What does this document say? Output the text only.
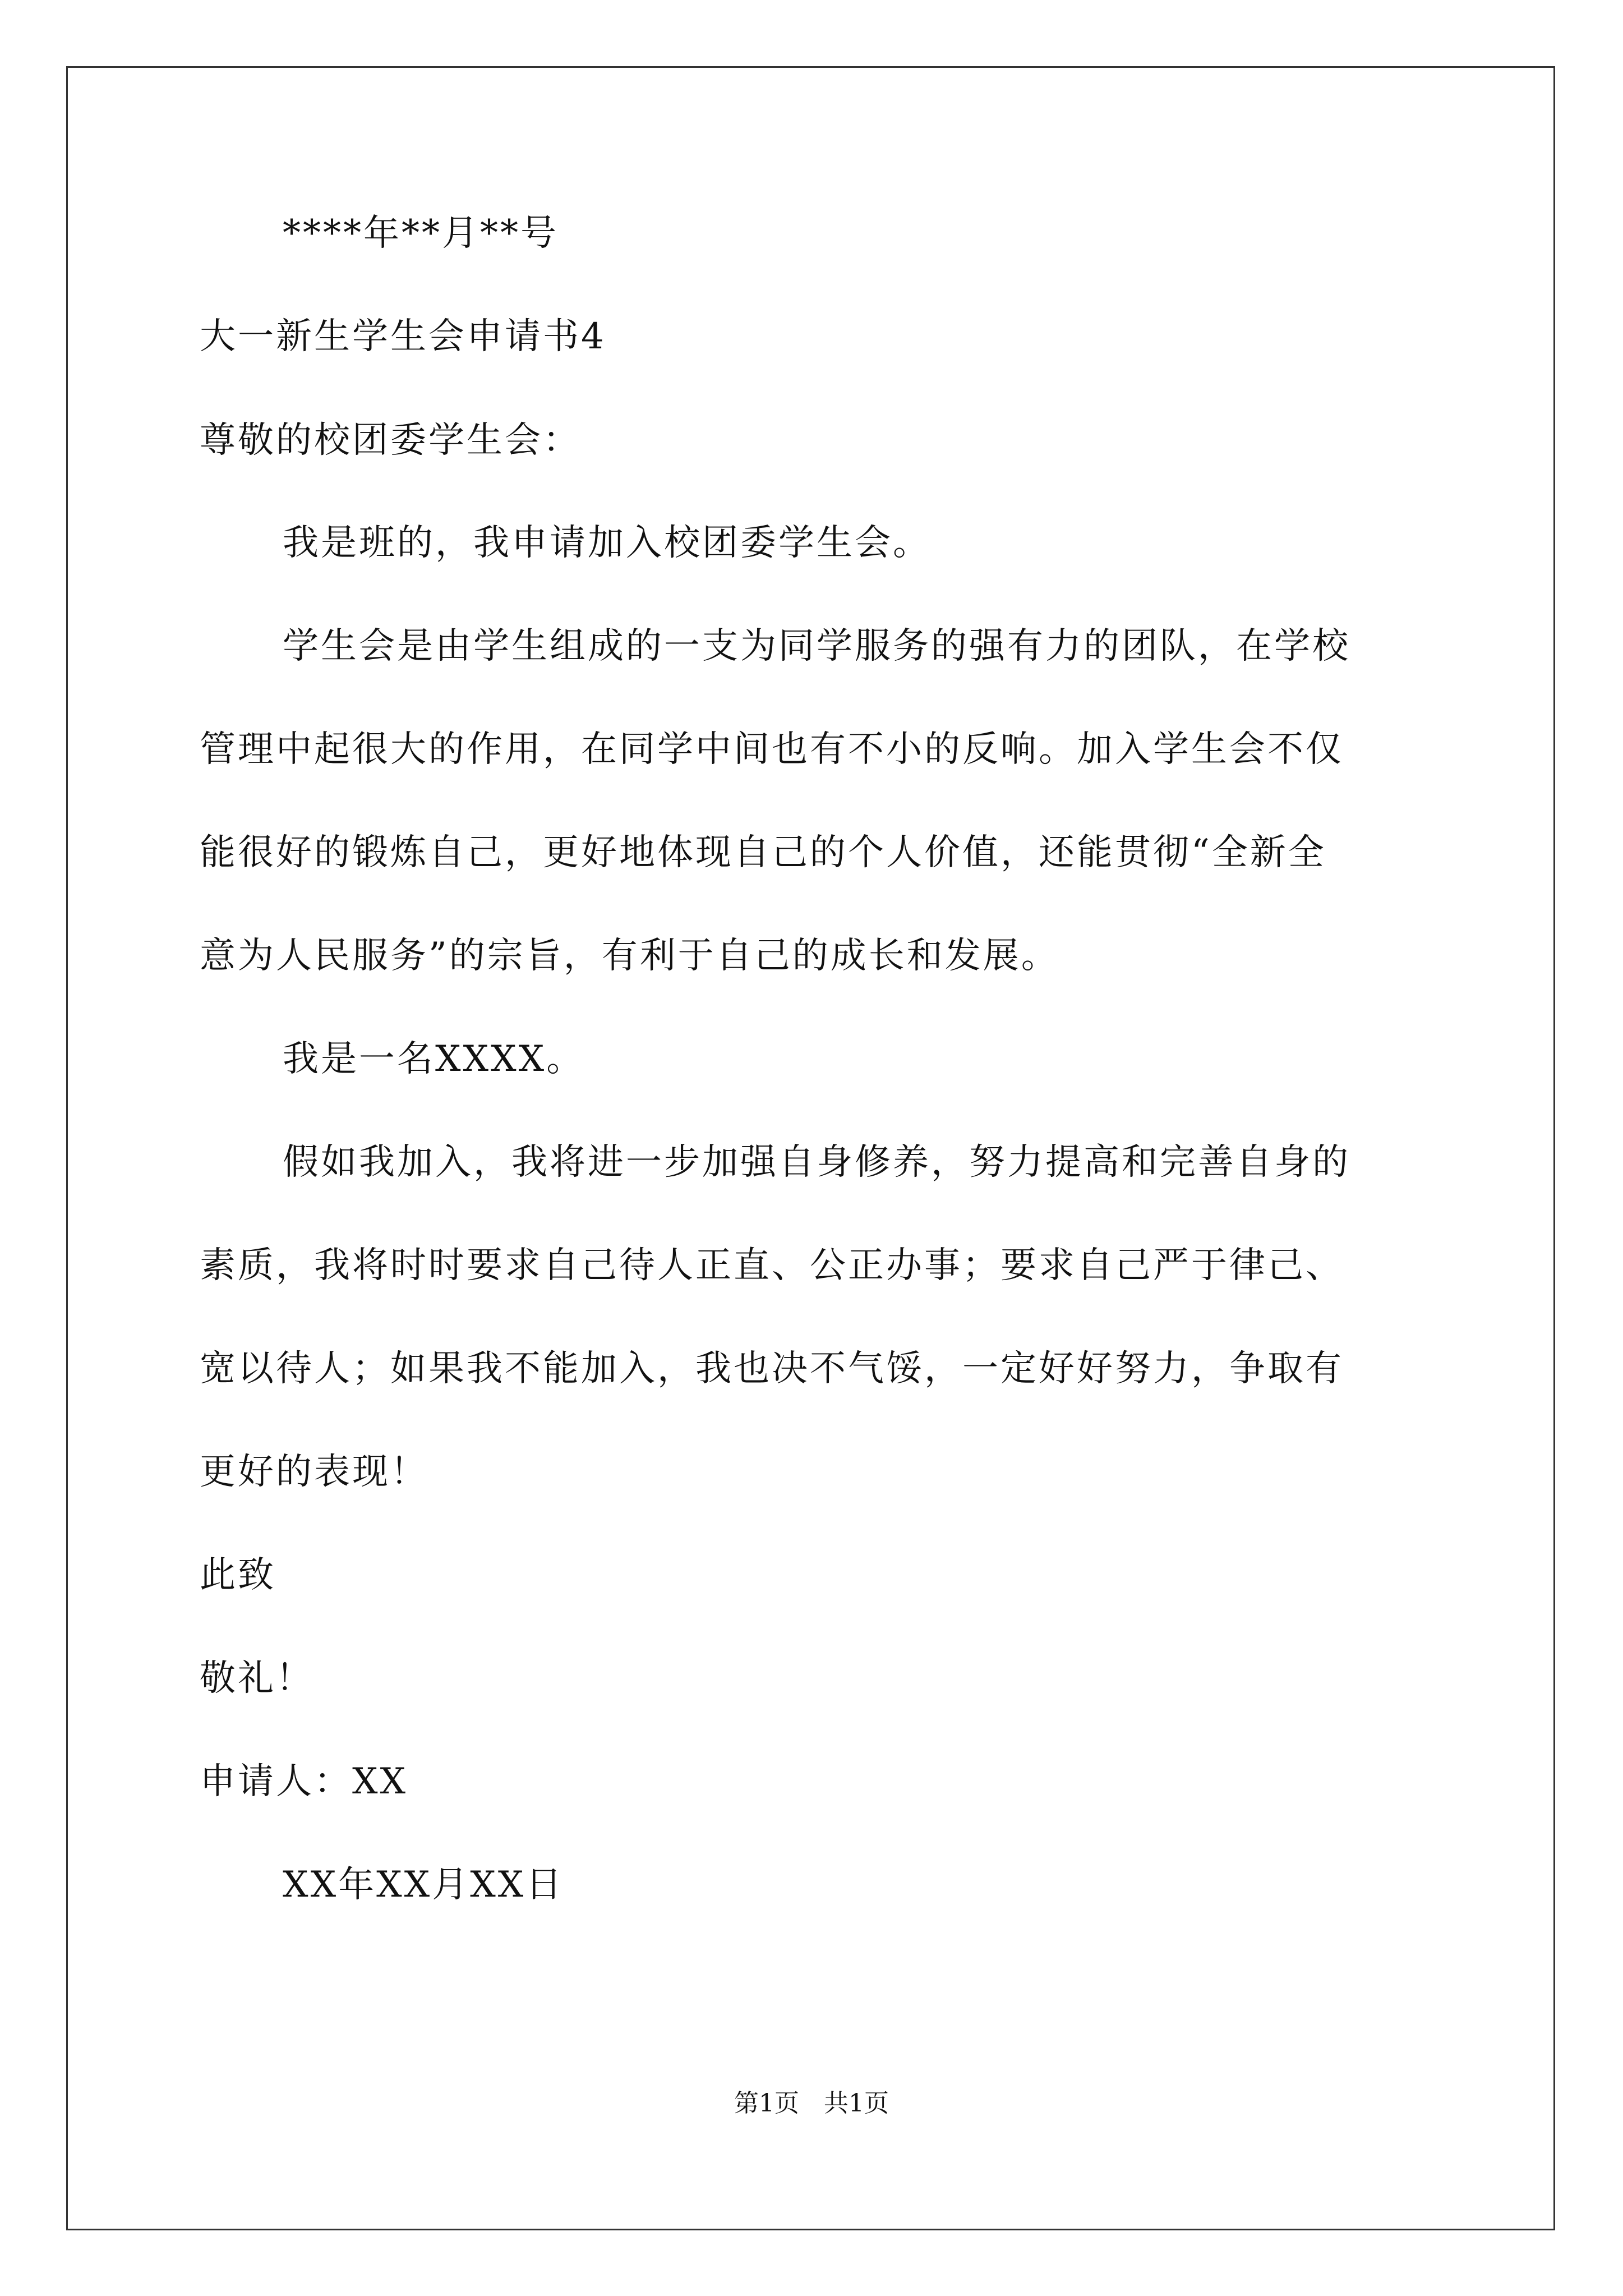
****年**月**号
大一新生学生会申请书4
尊敬的校团委学生会：
我是班的，我申请加入校团委学生会。
学生会是由学生组成的一支为同学服务的强有力的团队，在学校
管理中起很大的作用，在同学中间也有不小的反响。加入学生会不仅
能很好的锻炼自己，更好地体现自己的个人价值，还能贯彻“全新全
意为人民服务”的宗旨，有利于自己的成长和发展。
我是一名XXXX。
假如我加入，我将进一步加强自身修养，努力提高和完善自身的
素质，我将时时要求自己待人正直、公正办事；要求自己严于律己、
宽以待人；如果我不能加入，我也决不气馁，一定好好努力，争取有
更好的表现！
此致
敬礼！
申请人：XX
XX年XX月XX日
第1页 共1页
